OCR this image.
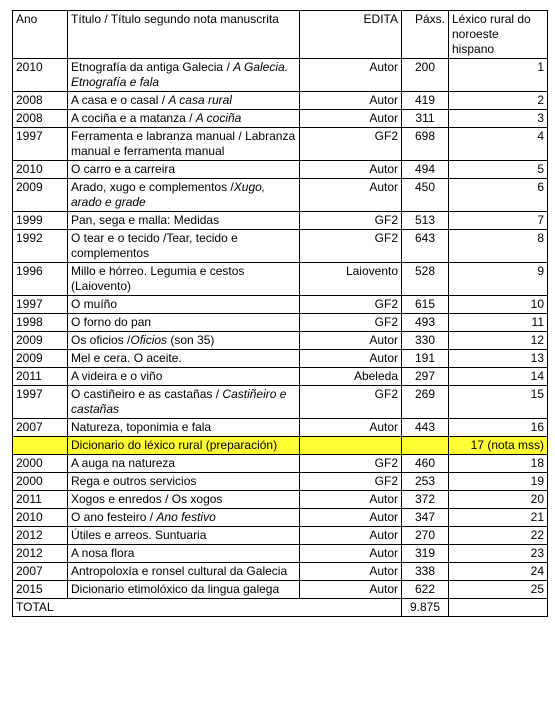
Ano	Título / Título segundo nota manuscrita	EDITA	Páxs.	Léxico rural do noroeste hispano
2010	Etnografía da antiga Galecia / A Galecia. Etnografía e fala	Autor	200	1
2008	A casa e o casal / A casa rural	Autor	419	2
2008	A cociña e a matanza / A cociña	Autor	311	3
1997	Ferramenta e labranza manual / Labranza manual e ferramenta manual	GF2	698	4
2010	O carro e a carreira	Autor	494	5
2009	Arado, xugo e complementos /Xugo, arado e grade	Autor	450	6
1999	Pan, sega e malla: Medidas	GF2	513	7
1992	O tear e o tecido /Tear, tecido e complementos	GF2	643	8
1996	Millo e hórreo. Legumia e cestos (Laiovento)	Laiovento	528	9
1997	O muíño	GF2	615	10
1998	O forno do pan	GF2	493	11
2009	Os oficios /Oficios (son 35)	Autor	330	12
2009	Mel e cera. O aceite.	Autor	191	13
2011	A videira e o viño	Abeleda	297	14
1997	O castiñeiro e as castañas / Castiñeiro e castañas	GF2	269	15
2007	Natureza, toponimia e fala	Autor	443	16
	Dicionario do léxico rural (preparación)			17 (nota mss)
2000	A auga na natureza	GF2	460	18
2000	Rega e outros servicios	GF2	253	19
2011	Xogos e enredos / Os xogos	Autor	372	20
2010	O ano festeiro / Ano festivo	Autor	347	21
2012	Útiles e arreos. Suntuaria	Autor	270	22
2012	A nosa flora	Autor	319	23
2007	Antropoloxía e ronsel cultural da Galecia	Autor	338	24
2015	Dicionario etimolóxico da lingua galega	Autor	622	25
TOTAL			9.875	
